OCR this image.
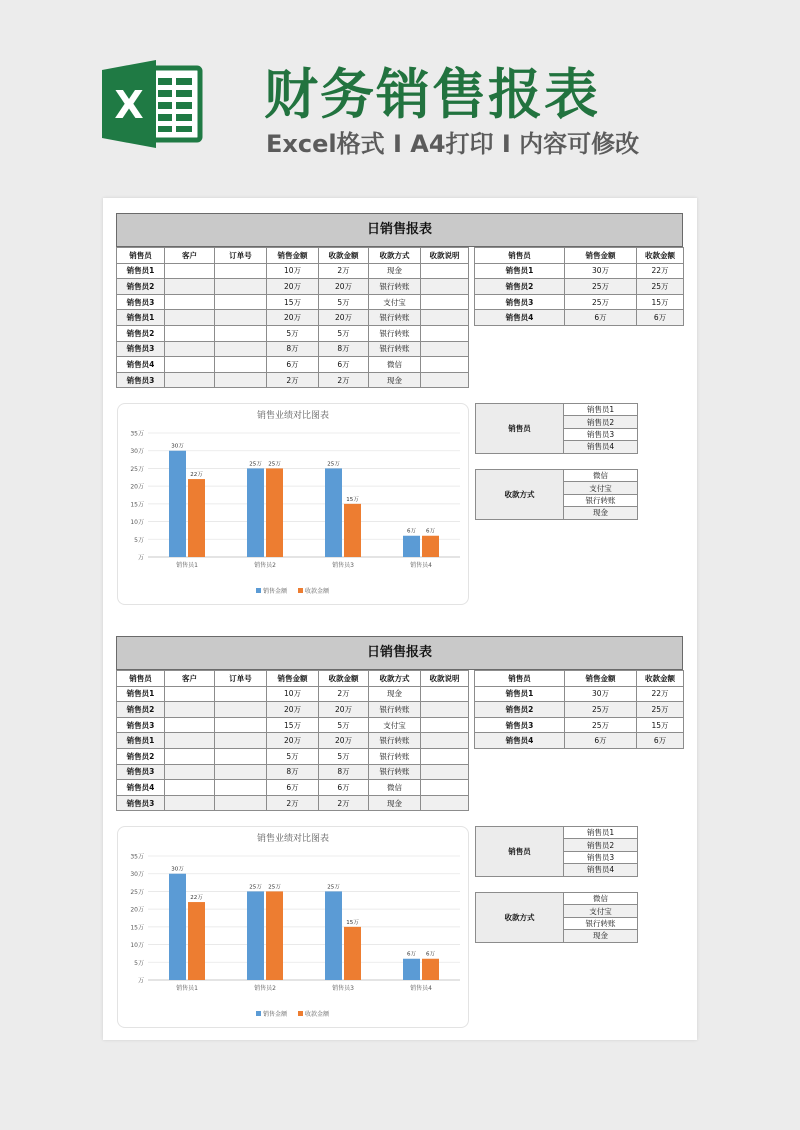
X 财务销售报表
Excel格式 I A4打印 I 内容可修改
日销售报表
销售员	客户	订单号	销售金额	收款金额	收款方式	收款说明
销售员1			10万	2万	现金	
销售员2			20万	20万	银行转账	
销售员3			15万	5万	支付宝	
销售员1			20万	20万	银行转账	
销售员2			5万	5万	银行转账	
销售员3			8万	8万	银行转账	
销售员4			6万	6万	微信	
销售员3			2万	2万	现金	
销售员	销售金额	收款金额
销售员1	30万	22万
销售员2	25万	25万
销售员3	25万	15万
销售员4	6万	6万
销售业绩对比图表
万
5万
10万
15万
20万
25万
30万
35万
30万
22万
销售员1
25万 25万
销售员2
25万
15万
销售员3
6万 6万
销售员4
销售金额	收款金额
销售员	销售员1
销售员2
销售员3
销售员4
收款方式	微信
支付宝
银行转账
现金
日销售报表
销售员	客户	订单号	销售金额	收款金额	收款方式	收款说明
销售员1			10万	2万	现金	
销售员2			20万	20万	银行转账	
销售员3			15万	5万	支付宝	
销售员1			20万	20万	银行转账	
销售员2			5万	5万	银行转账	
销售员3			8万	8万	银行转账	
销售员4			6万	6万	微信	
销售员3			2万	2万	现金	
销售员	销售金额	收款金额
销售员1	30万	22万
销售员2	25万	25万
销售员3	25万	15万
销售员4	6万	6万
销售业绩对比图表
万
5万
10万
15万
20万
25万
30万
35万
30万
22万
销售员1
25万 25万
销售员2
25万
15万
销售员3
6万 6万
销售员4
销售金额	收款金额
销售员	销售员1
销售员2
销售员3
销售员4
收款方式	微信
支付宝
银行转账
现金
